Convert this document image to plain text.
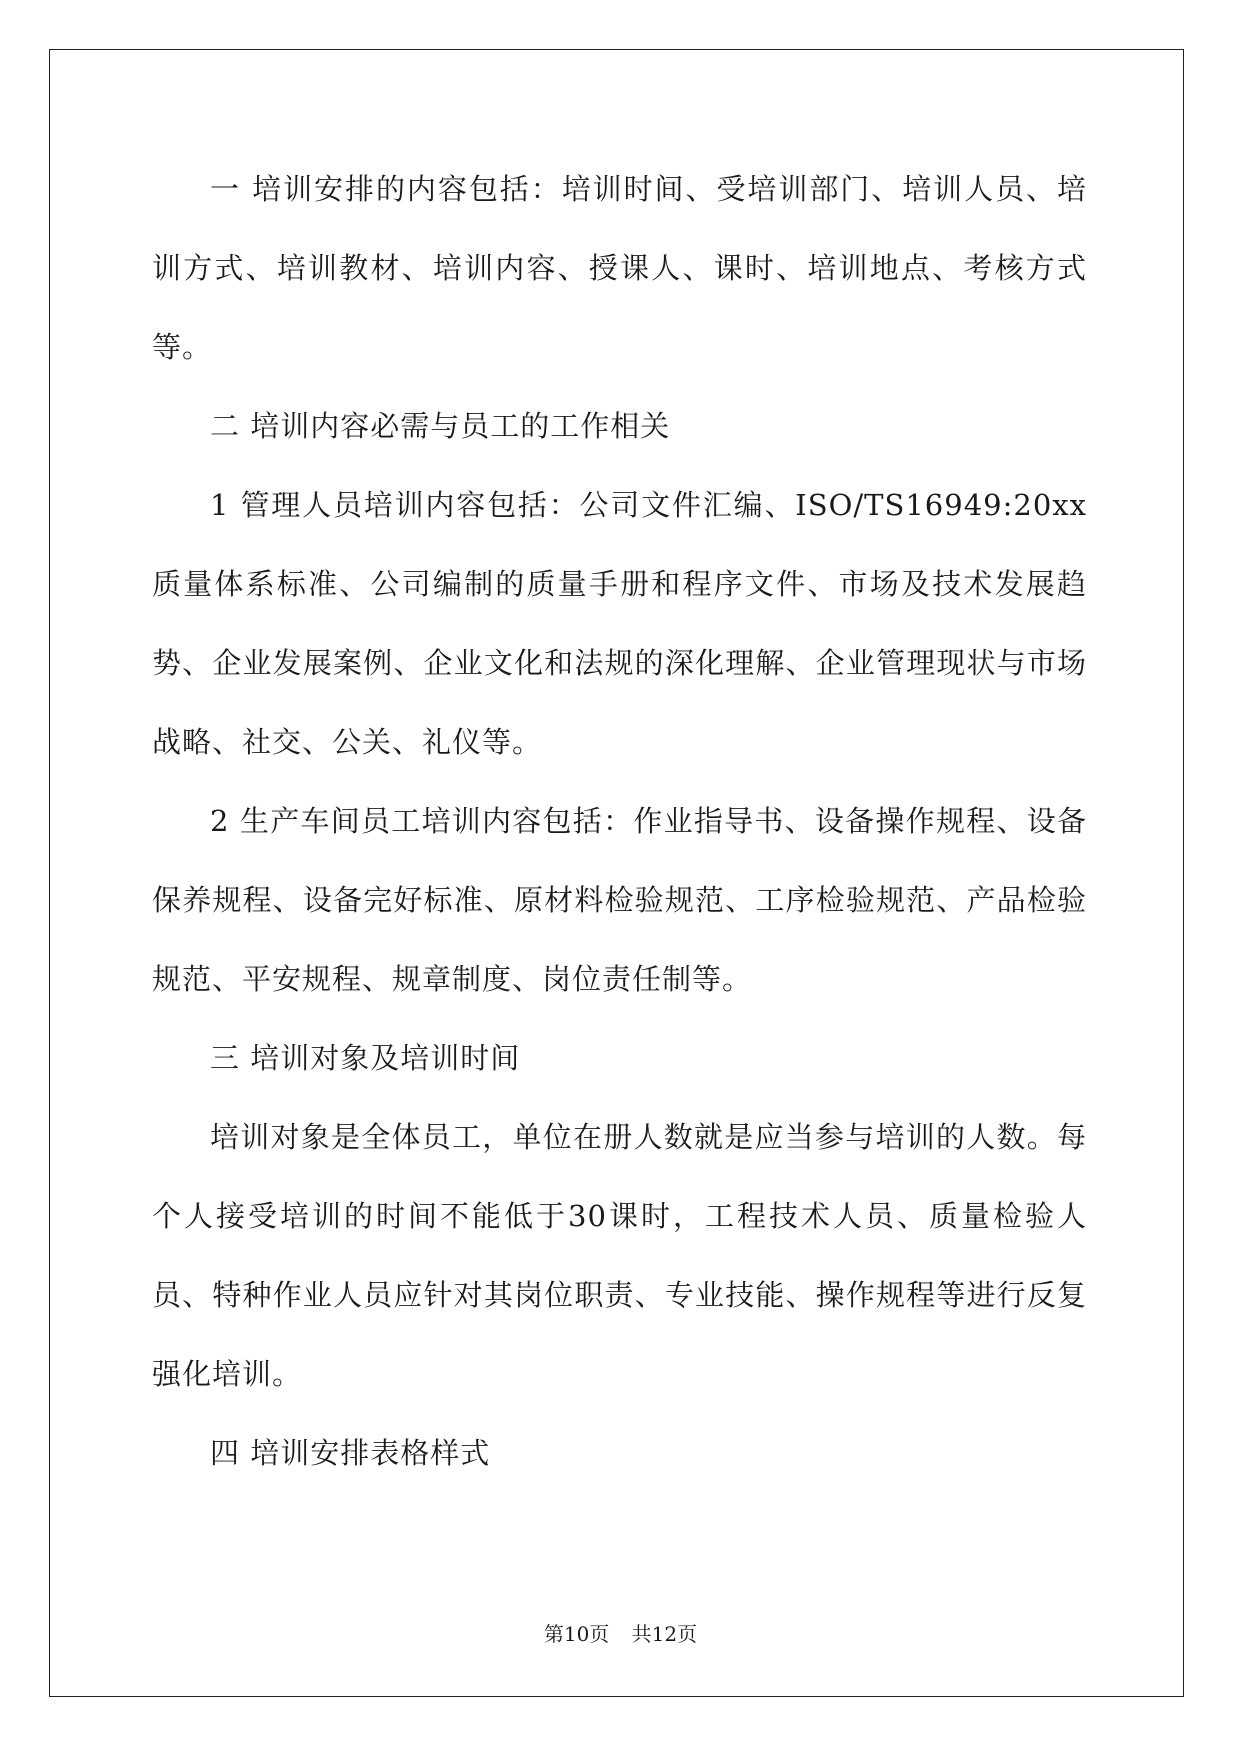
一 培训安排的内容包括：培训时间、受培训部门、培训人员、培训方式、培训教材、培训内容、授课人、课时、培训地点、考核方式等。

二 培训内容必需与员工的工作相关

1 管理人员培训内容包括：公司文件汇编、ISO/TS16949:20xx质量体系标准、公司编制的质量手册和程序文件、市场及技术发展趋势、企业发展案例、企业文化和法规的深化理解、企业管理现状与市场战略、社交、公关、礼仪等。

2 生产车间员工培训内容包括：作业指导书、设备操作规程、设备保养规程、设备完好标准、原材料检验规范、工序检验规范、产品检验规范、平安规程、规章制度、岗位责任制等。

三 培训对象及培训时间

培训对象是全体员工，单位在册人数就是应当参与培训的人数。每个人接受培训的时间不能低于30课时，工程技术人员、质量检验人员、特种作业人员应针对其岗位职责、专业技能、操作规程等进行反复强化培训。

四 培训安排表格样式

第10页 共12页
